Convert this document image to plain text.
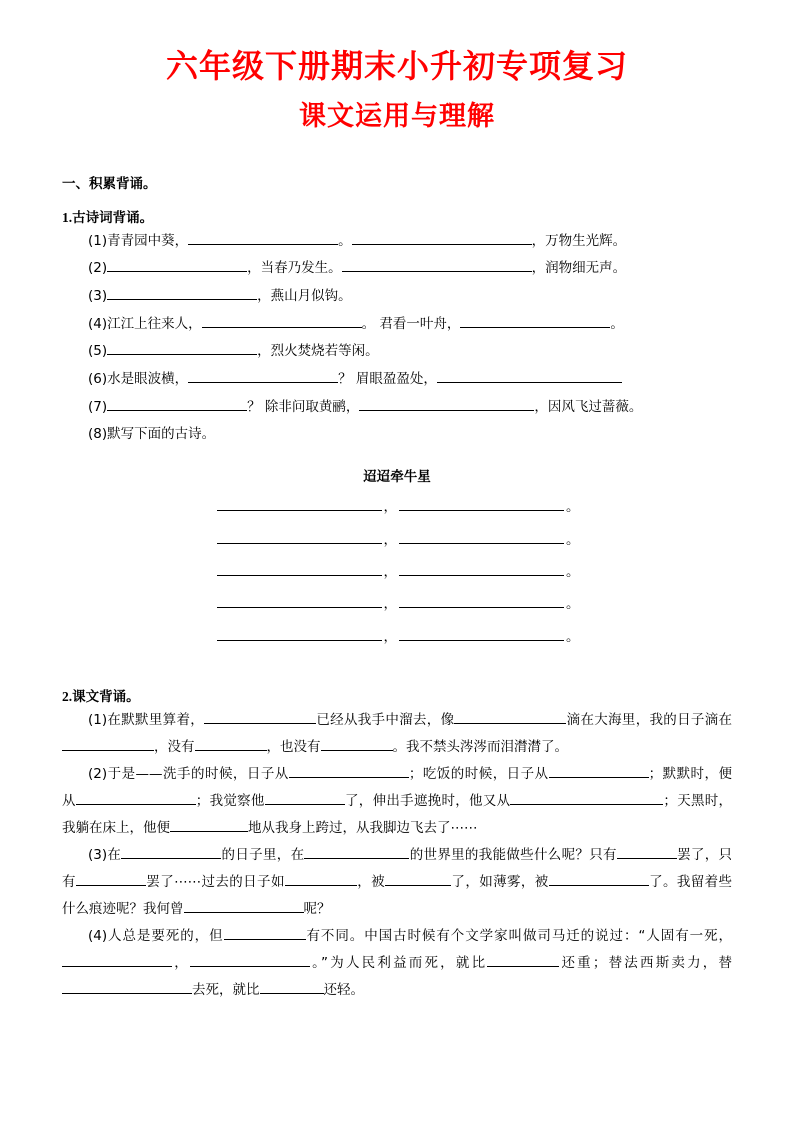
六年级下册期末小升初专项复习
课文运用与理解
一、积累背诵。
1.古诗词背诵。
(1)青青园中葵，	。	，万物生光辉。
(2)	，当春乃发生。	，润物细无声。
(3)	，燕山月似钩。
(4)江江上往来人，	。 君看一叶舟，	。
(5)	，烈火焚烧若等闲。
(6)水是眼波横，	？ 眉眼盈盈处，
(7)	？ 除非问取黄鹂，	，因风飞过蔷薇。
(8)默写下面的古诗。
迢迢牵牛星
，	。
，	。
，	。
，	。
，	。
2.课文背诵。
(1)在默默里算着，	已经从我手中溜去，像	滴在大海里，我的日子滴在，没有	，也没有	。我不禁头涔涔而泪潸潸了。
(2)于是——洗手的时候，日子从	；吃饭的时候，日子从	；默默时，便从	；我觉察他	了，伸出手遮挽时，他又从	；天黑时，我躺在床上，他便	地从我身上跨过，从我脚边飞去了⋯⋯
(3)在	的日子里，在	的世界里的我能做些什么呢？只有	罢了，只有	罢了⋯⋯过去的日子如	，被	了，如薄雾，被	了。我留着些什么痕迹呢？我何曾	呢？
(4)人总是要死的，但	有不同。中国古时候有个文学家叫做司马迁的说过：“人固有一死，，	。”为人民利益而死，就比	还重；替法西斯卖力，替去死，就比	还轻。
